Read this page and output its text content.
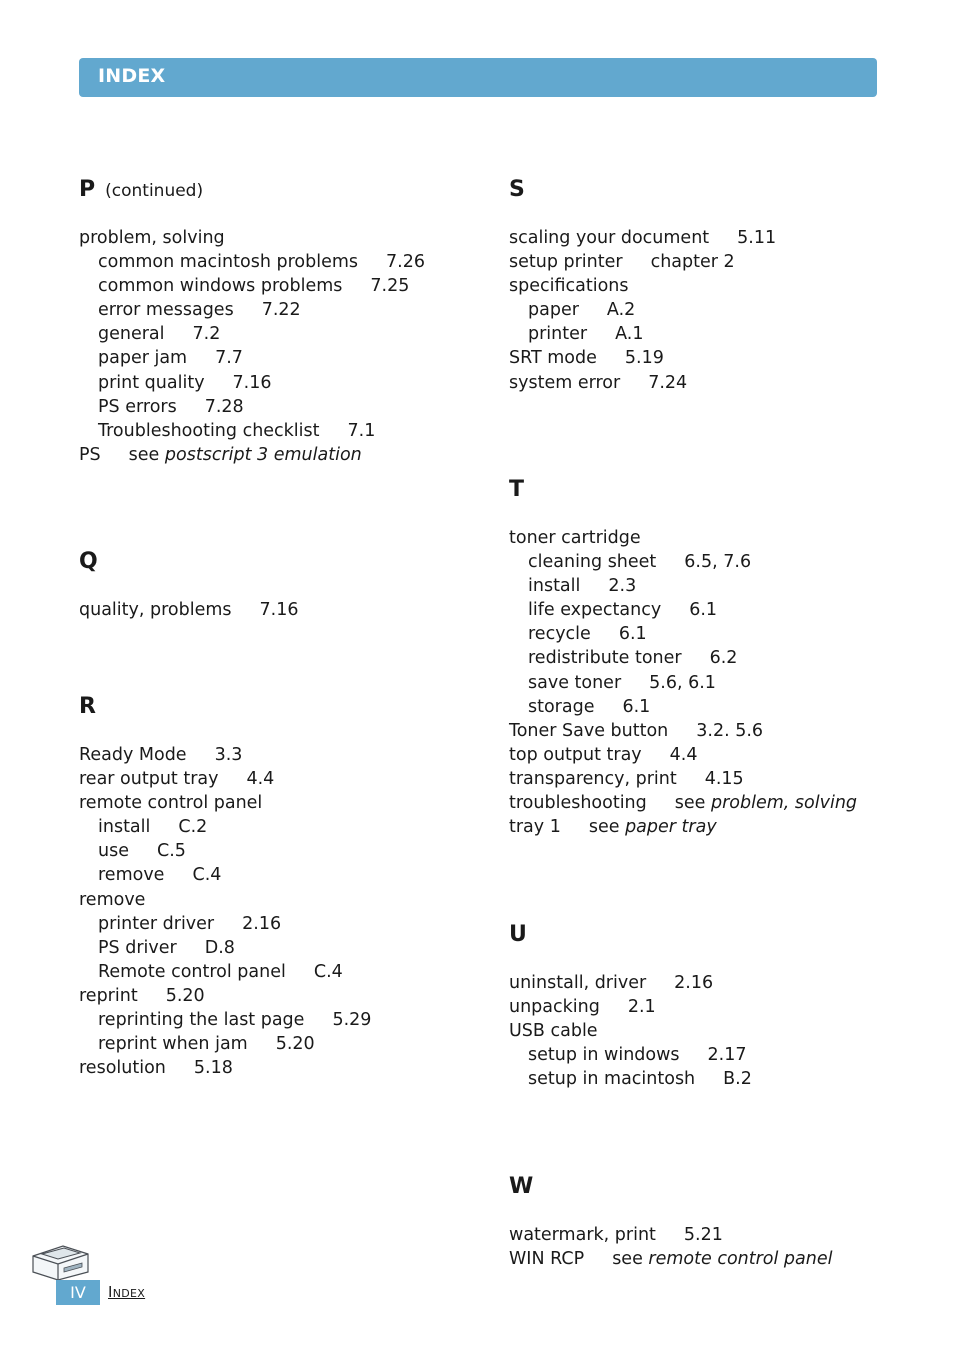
INDEX
P (continued)
problem, solving
common macintosh problems 7.26
common windows problems 7.25
error messages 7.22
general 7.2
paper jam 7.7
print quality 7.16
PS errors 7.28
Troubleshooting checklist 7.1
PS see postscript 3 emulation
Q
quality, problems 7.16
R
Ready Mode 3.3
rear output tray 4.4
remote control panel
install C.2
use C.5
remove C.4
remove
printer driver 2.16
PS driver D.8
Remote control panel C.4
reprint 5.20
reprinting the last page 5.29
reprint when jam 5.20
resolution 5.18
S
scaling your document 5.11
setup printer chapter 2
specifications
paper A.2
printer A.1
SRT mode 5.19
system error 7.24
T
toner cartridge
cleaning sheet 6.5, 7.6
install 2.3
life expectancy 6.1
recycle 6.1
redistribute toner 6.2
save toner 5.6, 6.1
storage 6.1
Toner Save button 3.2. 5.6
top output tray 4.4
transparency, print 4.15
troubleshooting see problem, solving
tray 1 see paper tray
U
uninstall, driver 2.16
unpacking 2.1
USB cable
setup in windows 2.17
setup in macintosh B.2
W
watermark, print 5.21
WIN RCP see remote control panel
IV	Index
